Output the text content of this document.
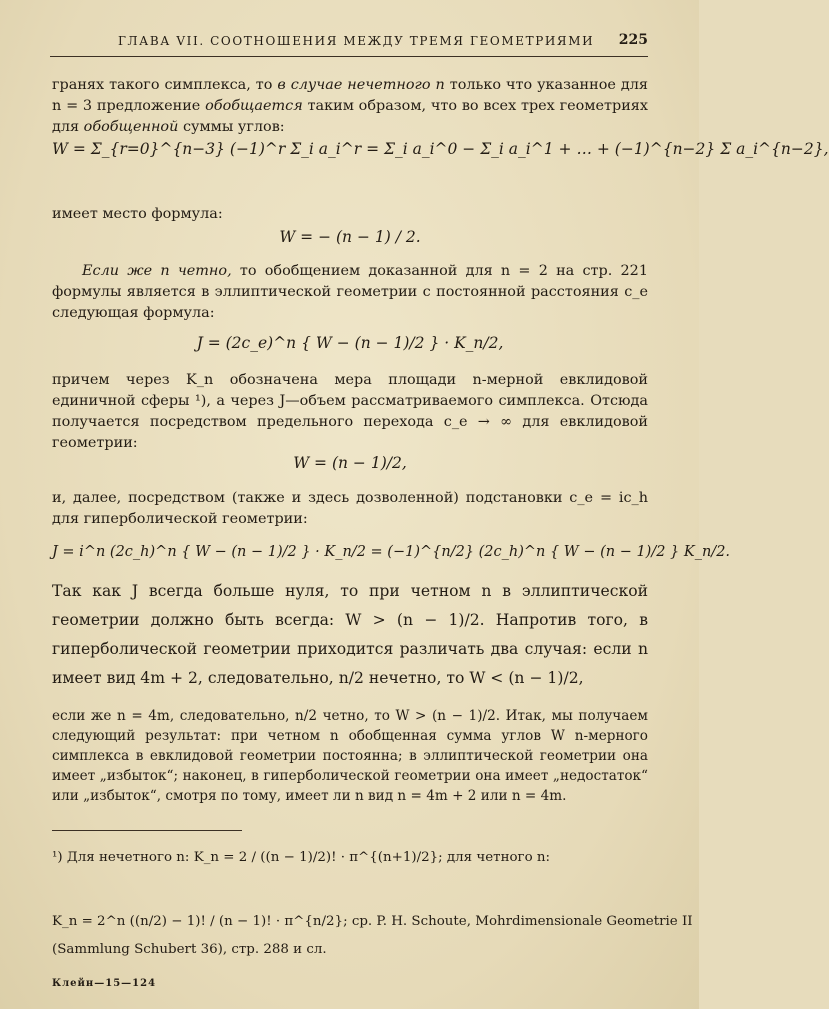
ГЛАВА VII. СООТНОШЕНИЯ МЕЖДУ ТРЕМЯ ГЕОМЕТРИЯМИ 225

гранях такого симплекса, то в случае нечетного n только что указанное для n = 3 предложение обобщается таким образом, что во всех трех геометриях для обобщенной суммы углов:

W = Σ_{r=0}^{n−3} (−1)^r Σ_i a_i^r = Σ_i a_i^0 − Σ_i a_i^1 + … + (−1)^{n−2} Σ a_i^{n−2},

имеет место формула:

W = − (n − 1) / 2.

Если же n четно, то обобщением доказанной для n = 2 на стр. 221 формулы является в эллиптической геометрии с постоянной расстояния c_e следующая формула:

J = (2c_e)^n { W − (n − 1)/2 } · K_n/2,

причем через K_n обозначена мера площади n-мерной евклидовой единичной сферы ¹), а через J—объем рассматриваемого симплекса. Отсюда получается посредством предельного перехода c_e → ∞ для евклидовой геометрии:

W = (n − 1)/2,

и, далее, посредством (также и здесь дозволенной) подстановки c_e = ic_h для гиперболической геометрии:

J = i^n (2c_h)^n { W − (n − 1)/2 } · K_n/2 = (−1)^{n/2} (2c_h)^n { W − (n − 1)/2 } K_n/2.

Так как J всегда больше нуля, то при четном n в эллиптической геометрии должно быть всегда: W > (n − 1)/2. Напротив того, в гиперболической геометрии приходится различать два случая: если n имеет вид 4m + 2, следовательно, n/2 нечетно, то W < (n − 1)/2,

если же n = 4m, следовательно, n/2 четно, то W > (n − 1)/2. Итак, мы получаем следующий результат: при четном n обобщенная сумма углов W n-мерного симплекса в евклидовой геометрии постоянна; в эллиптической геометрии она имеет „избыток“; наконец, в гиперболической геометрии она имеет „недостаток“ или „избыток“, смотря по тому, имеет ли n вид n = 4m + 2 или n = 4m.

¹) Для нечетного n: K_n = 2 / ((n − 1)/2)! · π^{(n+1)/2}; для четного n:
K_n = 2^n ((n/2) − 1)! / (n − 1)! · π^{n/2}; ср. P. H. Schoute, Mohrdimensionale Geometrie II
(Sammlung Schubert 36), стр. 288 и сл.
Клейн—15—124
